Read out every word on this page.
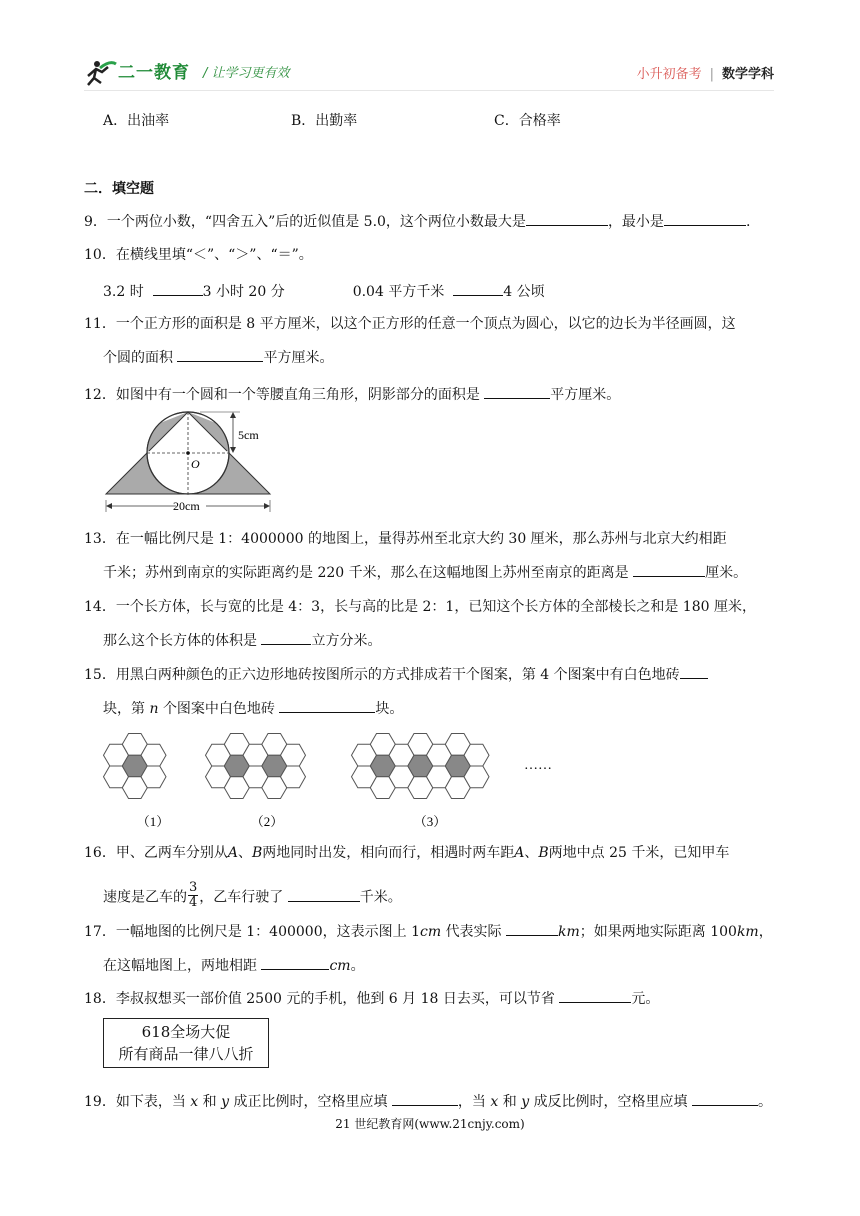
二一教育 / 让学习更有效	小升初备考 | 数学学科
A．出油率	B．出勤率	C．合格率
二．填空题
9．一个两位小数，“四舍五入”后的近似值是 5.0，这个两位小数最大是	，最小是	.
10．在横线里填“＜”、“＞”、“＝”。
3.2 时	3 小时 20 分	0.04 平方千米	4 公顷
11．一个正方形的面积是 8 平方厘米，以这个正方形的任意一个顶点为圆心，以它的边长为半径画圆，这
个圆的面积	平方厘米。
12．如图中有一个圆和一个等腰直角三角形，阴影部分的面积是	平方厘米。
5cm
O
20cm
13．在一幅比例尺是 1：4000000 的地图上，量得苏州至北京大约 30 厘米，那么苏州与北京大约相距
千米；苏州到南京的实际距离约是 220 千米，那么在这幅地图上苏州至南京的距离是	厘米。
14．一个长方体，长与宽的比是 4：3，长与高的比是 2：1，已知这个长方体的全部棱长之和是 180 厘米，
那么这个长方体的体积是	立方分米。
15．用黑白两种颜色的正六边形地砖按图所示的方式排成若干个图案，第 4 个图案中有白色地砖
块，第 n 个图案中白色地砖	块。
（1）	（2）	（3）
……
16．甲、乙两车分别从A、B两地同时出发，相向而行，相遇时两车距A、B两地中点 25 千米，已知甲车
速度是乙车的 $\frac{3}{4}$ ，乙车行驶了	千米。
17．一幅地图的比例尺是 1：400000，这表示图上 1cm 代表实际	km；如果两地实际距离 100km，
在这幅地图上，两地相距	cm。
18．李叔叔想买一部价值 2500 元的手机，他到 6 月 18 日去买，可以节省	元。
618全场大促
所有商品一律八八折
19．如下表，当 x 和 y 成正比例时，空格里应填	，当 x 和 y 成反比例时，空格里应填	。
21 世纪教育网(www.21cnjy.com)
